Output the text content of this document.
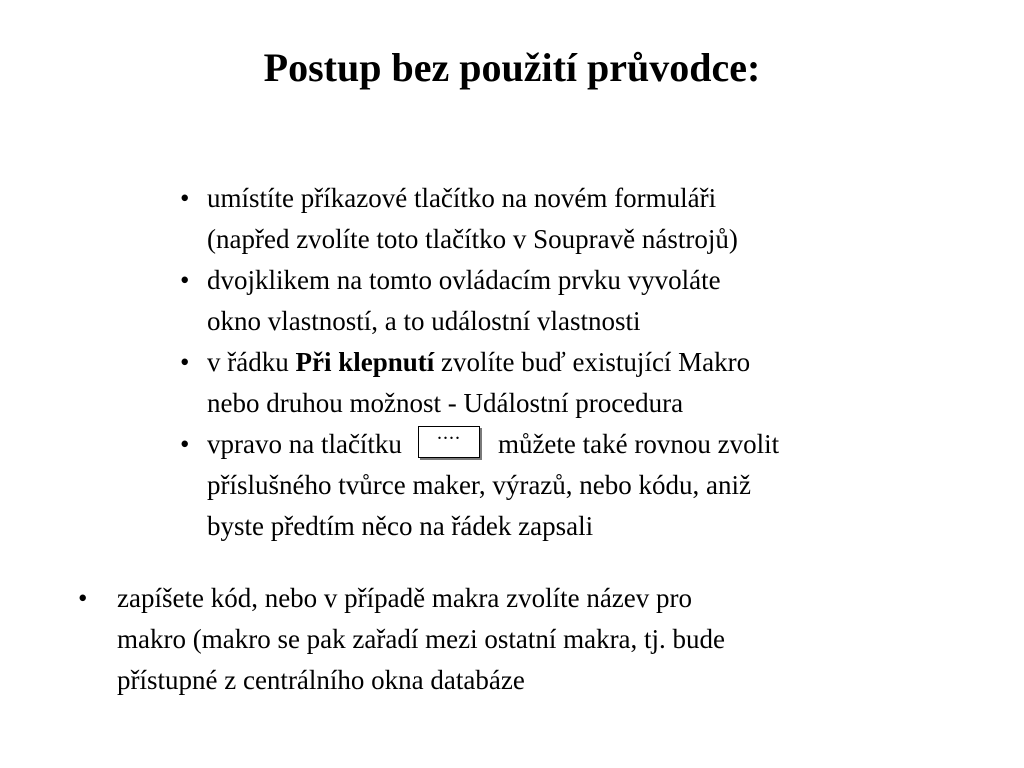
Postup bez použití průvodce:
• umístíte příkazové tlačítko na novém formuláři
(napřed zvolíte toto tlačítko v Soupravě nástrojů)
• dvojklikem na tomto ovládacím prvku vyvoláte
okno vlastností, a to událostní vlastnosti
• v řádku Při klepnutí zvolíte buď existující Makro
nebo druhou možnost - Událostní procedura
• vpravo na tlačítku	....	můžete také rovnou zvolit
příslušného tvůrce maker, výrazů, nebo kódu, aniž
byste předtím něco na řádek zapsali
• zapíšete kód, nebo v případě makra zvolíte název pro
makro (makro se pak zařadí mezi ostatní makra, tj. bude
přístupné z centrálního okna databáze
